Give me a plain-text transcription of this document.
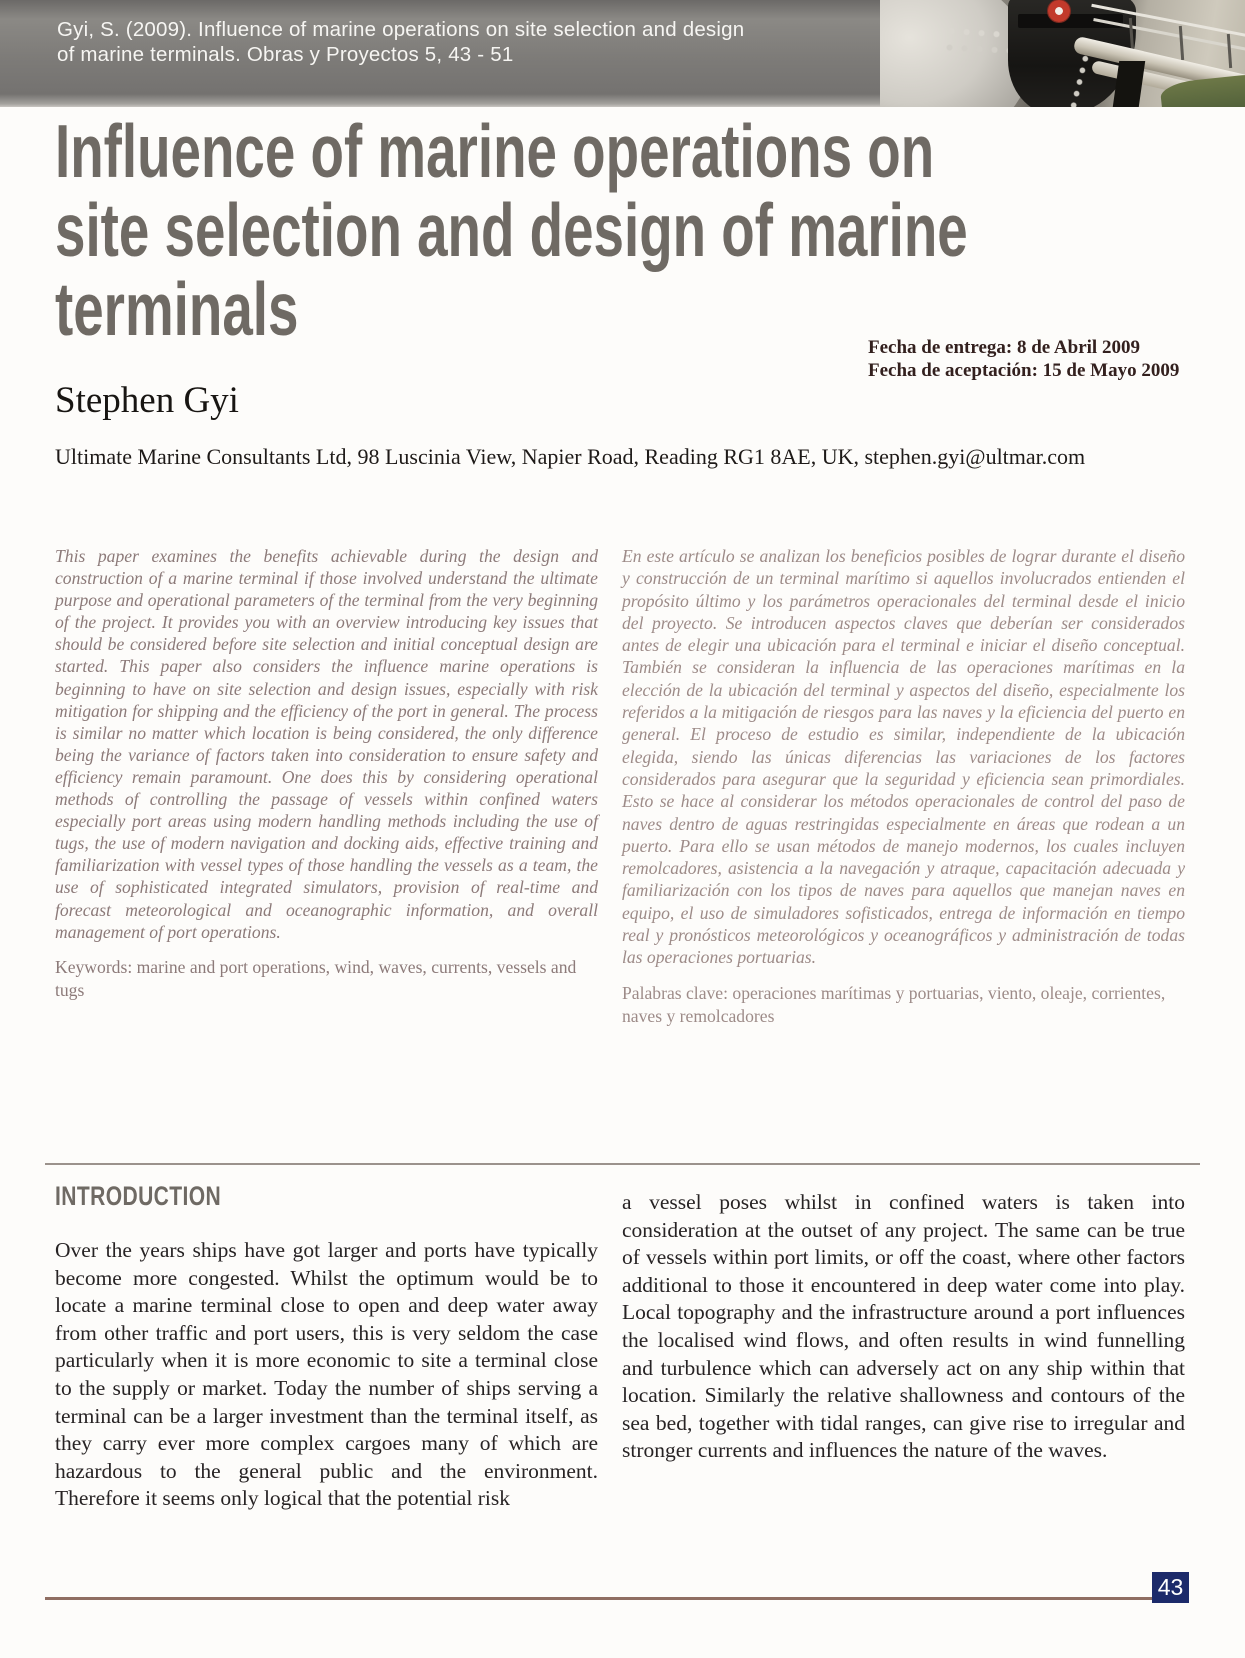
Gyi, S. (2009). Influence of marine operations on site selection and design
of marine terminals. Obras y Proyectos 5, 43 - 51
Influence of marine operations on
site selection and design of marine
terminals	Fecha de entrega: 8 de Abril 2009
Fecha de aceptación: 15 de Mayo 2009
Stephen Gyi
Ultimate Marine Consultants Ltd, 98 Luscinia View, Napier Road, Reading RG1 8AE, UK, stephen.gyi@ultmar.com

This paper examines the benefits achievable during the design and construction of a marine terminal if those involved understand the ultimate purpose and operational parameters of the terminal from the very beginning of the project. It provides you with an overview introducing key issues that should be considered before site selection and initial conceptual design are started. This paper also considers the influence marine operations is beginning to have on site selection and design issues, especially with risk mitigation for shipping and the efficiency of the port in general. The process is similar no matter which location is being considered, the only difference being the variance of factors taken into consideration to ensure safety and efficiency remain paramount. One does this by considering operational methods of controlling the passage of vessels within confined waters especially port areas using modern handling methods including the use of tugs, the use of modern navigation and docking aids, effective training and familiarization with vessel types of those handling the vessels as a team, the use of sophisticated integrated simulators, provision of real-time and forecast meteorological and oceanographic information, and overall management of port operations.

Keywords: marine and port operations, wind, waves, currents, vessels and tugs

En este artículo se analizan los beneficios posibles de lograr durante el diseño y construcción de un terminal marítimo si aquellos involucrados entienden el propósito último y los parámetros operacionales del terminal desde el inicio del proyecto. Se introducen aspectos claves que deberían ser considerados antes de elegir una ubicación para el terminal e iniciar el diseño conceptual. También se consideran la influencia de las operaciones marítimas en la elección de la ubicación del terminal y aspectos del diseño, especialmente los referidos a la mitigación de riesgos para las naves y la eficiencia del puerto en general. El proceso de estudio es similar, independiente de la ubicación elegida, siendo las únicas diferencias las variaciones de los factores considerados para asegurar que la seguridad y eficiencia sean primordiales. Esto se hace al considerar los métodos operacionales de control del paso de naves dentro de aguas restringidas especialmente en áreas que rodean a un puerto. Para ello se usan métodos de manejo modernos, los cuales incluyen remolcadores, asistencia a la navegación y atraque, capacitación adecuada y familiarización con los tipos de naves para aquellos que manejan naves en equipo, el uso de simuladores sofisticados, entrega de información en tiempo real y pronósticos meteorológicos y oceanográficos y administración de todas las operaciones portuarias.

Palabras clave: operaciones marítimas y portuarias, viento, oleaje, corrientes, naves y remolcadores

INTRODUCTION
Over the years ships have got larger and ports have typically become more congested. Whilst the optimum would be to locate a marine terminal close to open and deep water away from other traffic and port users, this is very seldom the case particularly when it is more economic to site a terminal close to the supply or market. Today the number of ships serving a terminal can be a larger investment than the terminal itself, as they carry ever more complex cargoes many of which are hazardous to the general public and the environment. Therefore it seems only logical that the potential risk
a vessel poses whilst in confined waters is taken into consideration at the outset of any project. The same can be true of vessels within port limits, or off the coast, where other factors additional to those it encountered in deep water come into play. Local topography and the infrastructure around a port influences the localised wind flows, and often results in wind funnelling and turbulence which can adversely act on any ship within that location. Similarly the relative shallowness and contours of the sea bed, together with tidal ranges, can give rise to irregular and stronger currents and influences the nature of the waves.
43
